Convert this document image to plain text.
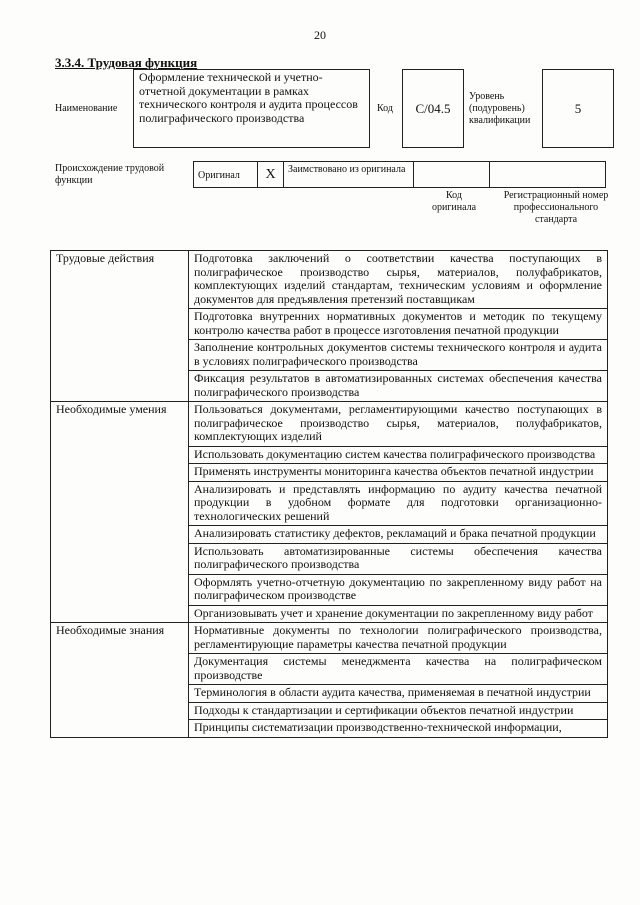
20
3.3.4. Трудовая функция
Наименование
Оформление технической и учетно-отчетной документации в рамках технического контроля и аудита процессов полиграфического производства
Код C/04.5
Уровень (подуровень) квалификации
5
Происхождение трудовой функции	Оригинал	X	Заимствовано из оригинала

Код оригинала
Регистрационный номер профессионального стандарта
Трудовые действия	Подготовка заключений о соответствии качества поступающих в полиграфическое производство сырья, материалов, полуфабрикатов, комплектующих изделий стандартам, техническим условиям и оформление документов для предъявления претензий поставщикам
	Подготовка внутренних нормативных документов и методик по текущему контролю качества работ в процессе изготовления печатной продукции
	Заполнение контрольных документов системы технического контроля и аудита в условиях полиграфического производства
	Фиксация результатов в автоматизированных системах обеспечения качества полиграфического производства
Необходимые умения	Пользоваться документами, регламентирующими качество поступающих в полиграфическое производство сырья, материалов, полуфабрикатов, комплектующих изделий
	Использовать документацию систем качества полиграфического производства
	Применять инструменты мониторинга качества объектов печатной индустрии
	Анализировать и представлять информацию по аудиту качества печатной продукции в удобном формате для подготовки организационно-технологических решений
	Анализировать статистику дефектов, рекламаций и брака печатной продукции
	Использовать автоматизированные системы обеспечения качества полиграфического производства
	Оформлять учетно-отчетную документацию по закрепленному виду работ на полиграфическом производстве
	Организовывать учет и хранение документации по закрепленному виду работ
Необходимые знания	Нормативные документы по технологии полиграфического производства, регламентирующие параметры качества печатной продукции
	Документация системы менеджмента качества на полиграфическом производстве
	Терминология в области аудита качества, применяемая в печатной индустрии
	Подходы к стандартизации и сертификации объектов печатной индустрии
	Принципы систематизации производственно-технической информации,
